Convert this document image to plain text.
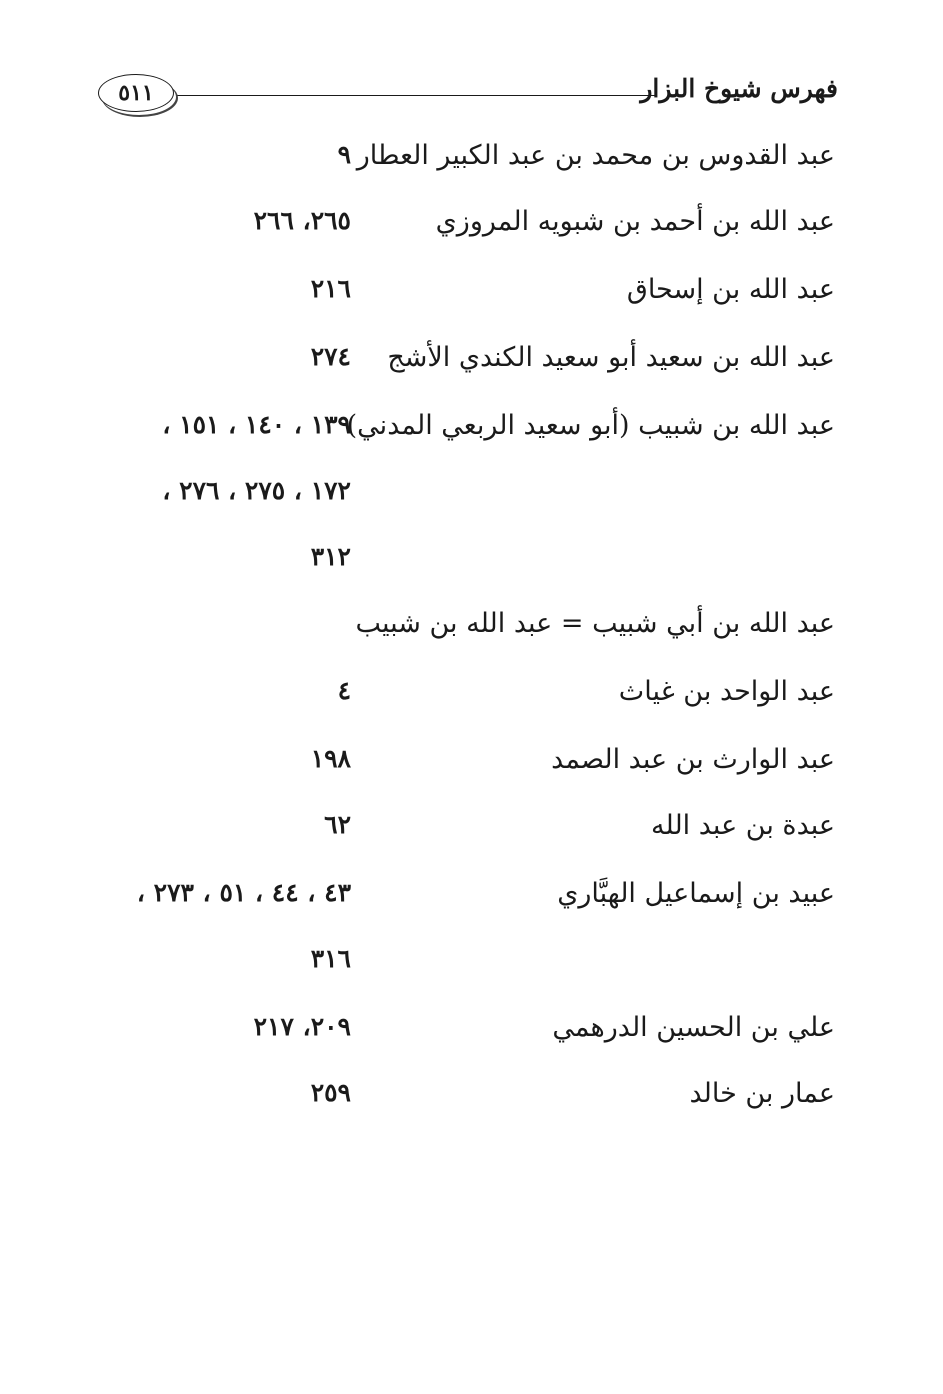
فهرس شيوخ البزار
٥١١
عبد القدوس بن محمد بن عبد الكبير العطار
٩
عبد الله بن أحمد بن شبويه المروزي
٢٦٥، ٢٦٦
عبد الله بن إسحاق
٢١٦
عبد الله بن سعيد أبو سعيد الكندي الأشج
٢٧٤
عبد الله بن شبيب (أبو سعيد الربعي المدني)
١٣٩ ، ١٤٠ ، ١٥١ ،
١٧٢ ، ٢٧٥ ، ٢٧٦ ،
٣١٢
عبد الله بن أبي شبيب = عبد الله بن شبيب
عبد الواحد بن غياث
٤
عبد الوارث بن عبد الصمد
١٩٨
عبدة بن عبد الله
٦٢
عبيد بن إسماعيل الهبَّاري
٤٣ ، ٤٤ ، ٥١ ، ٢٧٣ ،
٣١٦
علي بن الحسين الدرهمي
٢٠٩، ٢١٧
عمار بن خالد
٢٥٩
